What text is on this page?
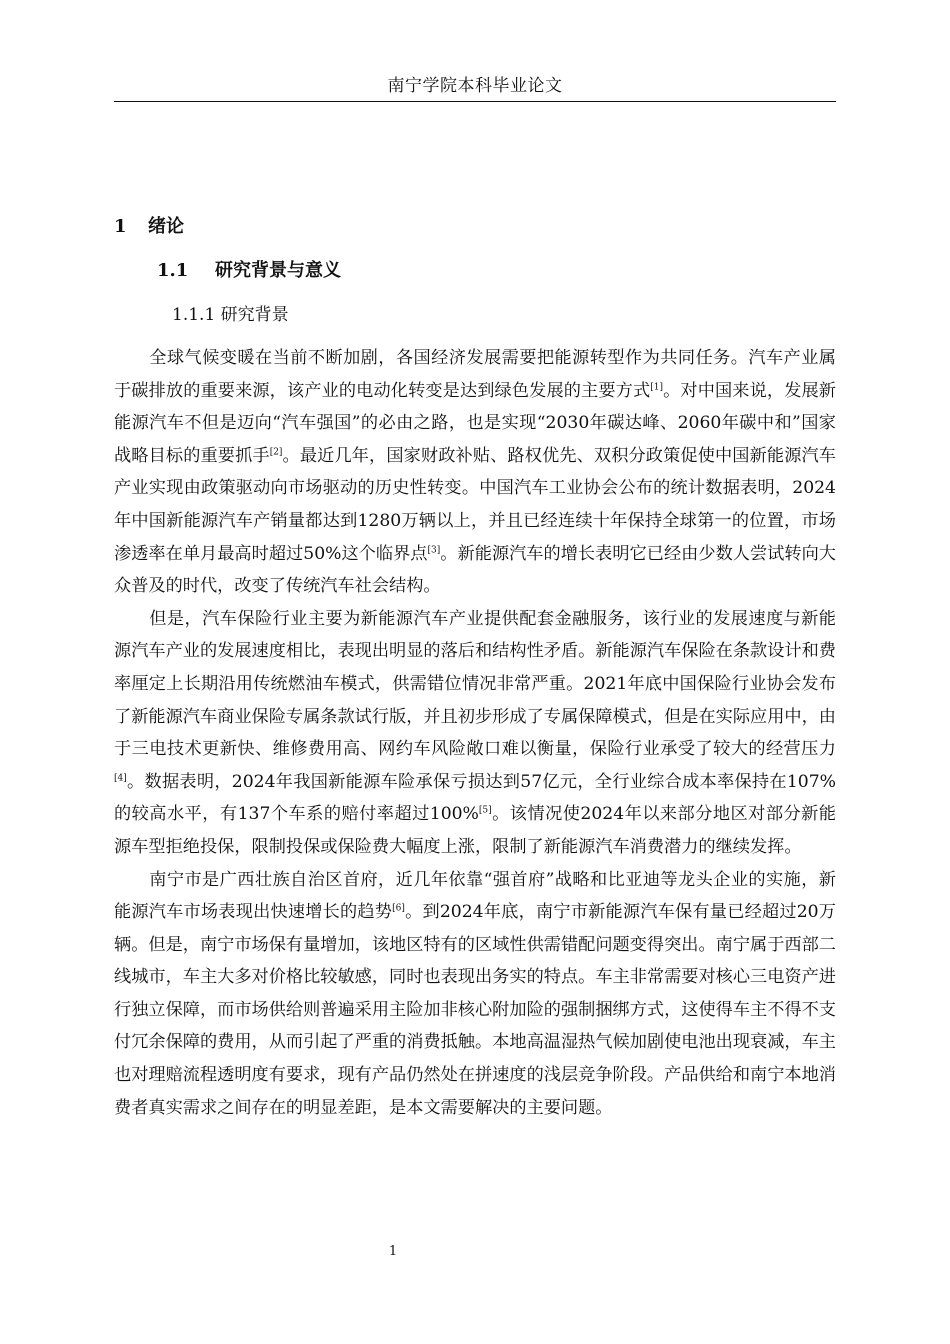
南宁学院本科毕业论文
1 绪论
1.1 研究背景与意义
1.1.1 研究背景

全球气候变暖在当前不断加剧，各国经济发展需要把能源转型作为共同任务。汽车产业属于碳排放的重要来源，该产业的电动化转变是达到绿色发展的主要方式[1]。对中国来说，发展新能源汽车不但是迈向“汽车强国”的必由之路，也是实现“2030年碳达峰、2060年碳中和”国家战略目标的重要抓手[2]。最近几年，国家财政补贴、路权优先、双积分政策促使中国新能源汽车产业实现由政策驱动向市场驱动的历史性转变。中国汽车工业协会公布的统计数据表明，2024年中国新能源汽车产销量都达到1280万辆以上，并且已经连续十年保持全球第一的位置，市场渗透率在单月最高时超过50%这个临界点[3]。新能源汽车的增长表明它已经由少数人尝试转向大众普及的时代，改变了传统汽车社会结构。

但是，汽车保险行业主要为新能源汽车产业提供配套金融服务，该行业的发展速度与新能源汽车产业的发展速度相比，表现出明显的落后和结构性矛盾。新能源汽车保险在条款设计和费率厘定上长期沿用传统燃油车模式，供需错位情况非常严重。2021年底中国保险行业协会发布了新能源汽车商业保险专属条款试行版，并且初步形成了专属保障模式，但是在实际应用中，由于三电技术更新快、维修费用高、网约车风险敞口难以衡量，保险行业承受了较大的经营压力[4]。数据表明，2024年我国新能源车险承保亏损达到57亿元，全行业综合成本率保持在107%的较高水平，有137个车系的赔付率超过100%[5]。该情况使2024年以来部分地区对部分新能源车型拒绝投保，限制投保或保险费大幅度上涨，限制了新能源汽车消费潜力的继续发挥。

南宁市是广西壮族自治区首府，近几年依靠“强首府”战略和比亚迪等龙头企业的实施，新能源汽车市场表现出快速增长的趋势[6]。到2024年底，南宁市新能源汽车保有量已经超过20万辆。但是，南宁市场保有量增加，该地区特有的区域性供需错配问题变得突出。南宁属于西部二线城市，车主大多对价格比较敏感，同时也表现出务实的特点。车主非常需要对核心三电资产进行独立保障，而市场供给则普遍采用主险加非核心附加险的强制捆绑方式，这使得车主不得不支付冗余保障的费用，从而引起了严重的消费抵触。本地高温湿热气候加剧使电池出现衰减，车主也对理赔流程透明度有要求，现有产品仍然处在拼速度的浅层竞争阶段。产品供给和南宁本地消费者真实需求之间存在的明显差距，是本文需要解决的主要问题。

1
